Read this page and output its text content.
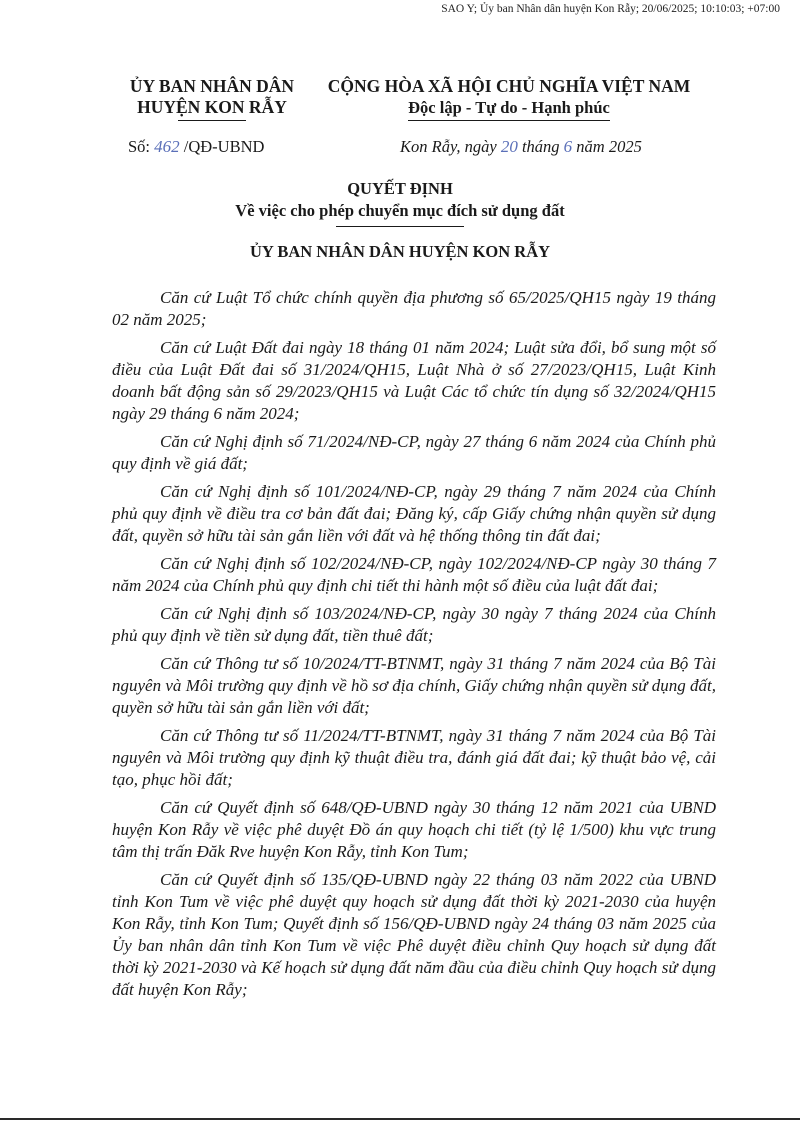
SAO Y; Ủy ban Nhân dân huyện Kon Rẫy; 20/06/2025; 10:10:03; +07:00
ỦY BAN NHÂN DÂN
HUYỆN KON RẪY
CỘNG HÒA XÃ HỘI CHỦ NGHĨA VIỆT NAM
Độc lập - Tự do - Hạnh phúc
Số: 462 /QĐ-UBND	Kon Rẫy, ngày 20 tháng 6 năm 2025
QUYẾT ĐỊNH
Về việc cho phép chuyển mục đích sử dụng đất
ỦY BAN NHÂN DÂN HUYỆN KON RẪY

Căn cứ Luật Tổ chức chính quyền địa phương số 65/2025/QH15 ngày 19 tháng 02 năm 2025;

Căn cứ Luật Đất đai ngày 18 tháng 01 năm 2024; Luật sửa đổi, bổ sung một số điều của Luật Đất đai số 31/2024/QH15, Luật Nhà ở số 27/2023/QH15, Luật Kinh doanh bất động sản số 29/2023/QH15 và Luật Các tổ chức tín dụng số 32/2024/QH15 ngày 29 tháng 6 năm 2024;

Căn cứ Nghị định số 71/2024/NĐ-CP, ngày 27 tháng 6 năm 2024 của Chính phủ quy định về giá đất;

Căn cứ Nghị định số 101/2024/NĐ-CP, ngày 29 tháng 7 năm 2024 của Chính phủ quy định về điều tra cơ bản đất đai; Đăng ký, cấp Giấy chứng nhận quyền sử dụng đất, quyền sở hữu tài sản gắn liền với đất và hệ thống thông tin đất đai;

Căn cứ Nghị định số 102/2024/NĐ-CP, ngày 102/2024/NĐ-CP ngày 30 tháng 7 năm 2024 của Chính phủ quy định chi tiết thi hành một số điều của luật đất đai;

Căn cứ Nghị định số 103/2024/NĐ-CP, ngày 30 ngày 7 tháng 2024 của Chính phủ quy định về tiền sử dụng đất, tiền thuê đất;

Căn cứ Thông tư số 10/2024/TT-BTNMT, ngày 31 tháng 7 năm 2024 của Bộ Tài nguyên và Môi trường quy định về hồ sơ địa chính, Giấy chứng nhận quyền sử dụng đất, quyền sở hữu tài sản gắn liền với đất;

Căn cứ Thông tư số 11/2024/TT-BTNMT, ngày 31 tháng 7 năm 2024 của Bộ Tài nguyên và Môi trường quy định kỹ thuật điều tra, đánh giá đất đai; kỹ thuật bảo vệ, cải tạo, phục hồi đất;

Căn cứ Quyết định số 648/QĐ-UBND ngày 30 tháng 12 năm 2021 của UBND huyện Kon Rẫy về việc phê duyệt Đồ án quy hoạch chi tiết (tỷ lệ 1/500) khu vực trung tâm thị trấn Đăk Rve huyện Kon Rẫy, tỉnh Kon Tum;

Căn cứ Quyết định số 135/QĐ-UBND ngày 22 tháng 03 năm 2022 của UBND tỉnh Kon Tum về việc phê duyệt quy hoạch sử dụng đất thời kỳ 2021-2030 của huyện Kon Rẫy, tỉnh Kon Tum; Quyết định số 156/QĐ-UBND ngày 24 tháng 03 năm 2025 của Ủy ban nhân dân tỉnh Kon Tum về việc Phê duyệt điều chỉnh Quy hoạch sử dụng đất thời kỳ 2021-2030 và Kế hoạch sử dụng đất năm đầu của điều chỉnh Quy hoạch sử dụng đất huyện Kon Rẫy;
